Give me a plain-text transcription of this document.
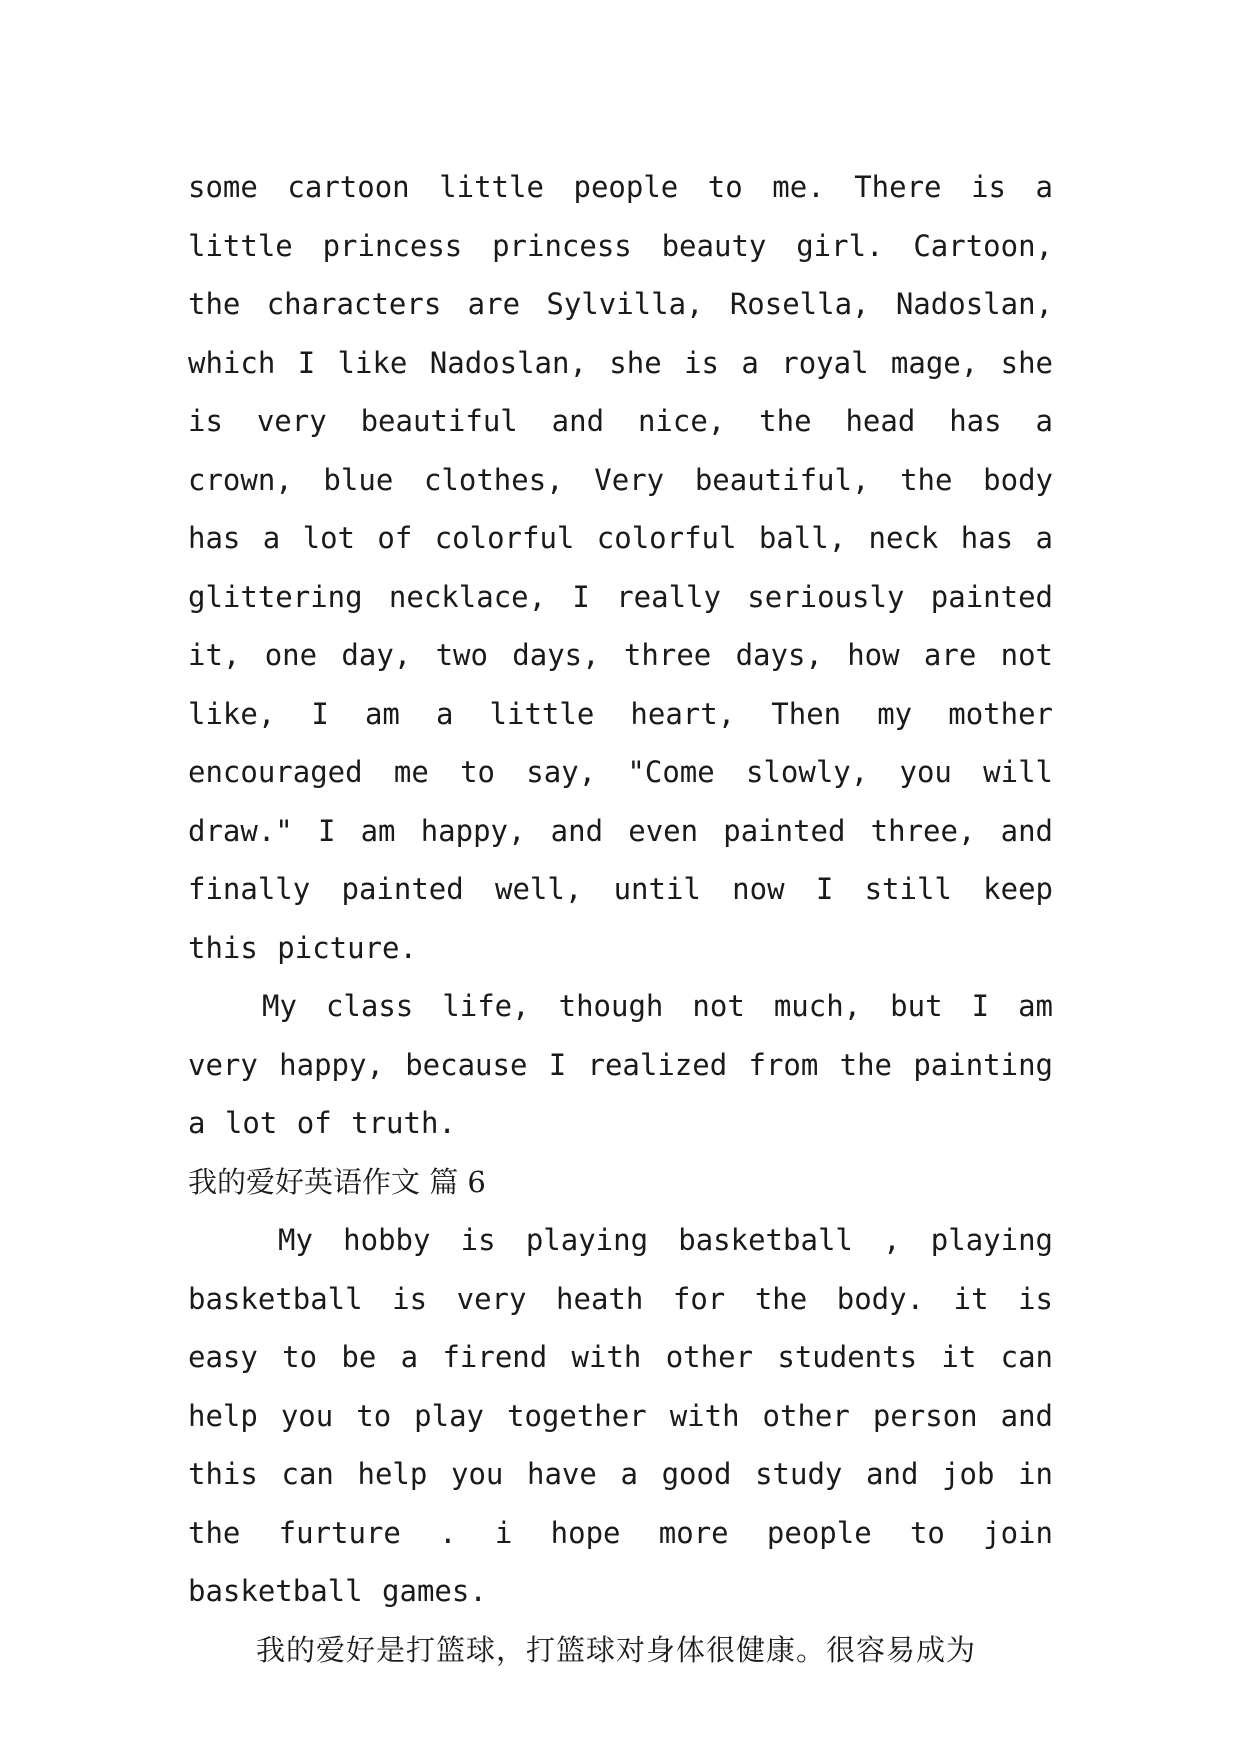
some cartoon little people to me. There is a little princess princess beauty girl. Cartoon, the characters are Sylvilla, Rosella, Nadoslan, which I like Nadoslan, she is a royal mage, she is very beautiful and nice, the head has a crown, blue clothes, Very beautiful, the body has a lot of colorful colorful ball, neck has a glittering necklace, I really seriously painted it, one day, two days, three days, how are not like, I am a little heart, Then my mother encouraged me to say, "Come slowly, you will draw." I am happy, and even painted three, and finally painted well, until now I still keep this picture.

My class life, though not much, but I am very happy, because I realized from the painting a lot of truth.

我的爱好英语作文 篇 6

My hobby is playing basketball , playing basketball is very heath for the body. it is easy to be a firend with other students it can help you to play together with other person and this can help you have a good study and job in the furture . i hope more people to join basketball games.

我的爱好是打篮球，打篮球对身体很健康。很容易成为
